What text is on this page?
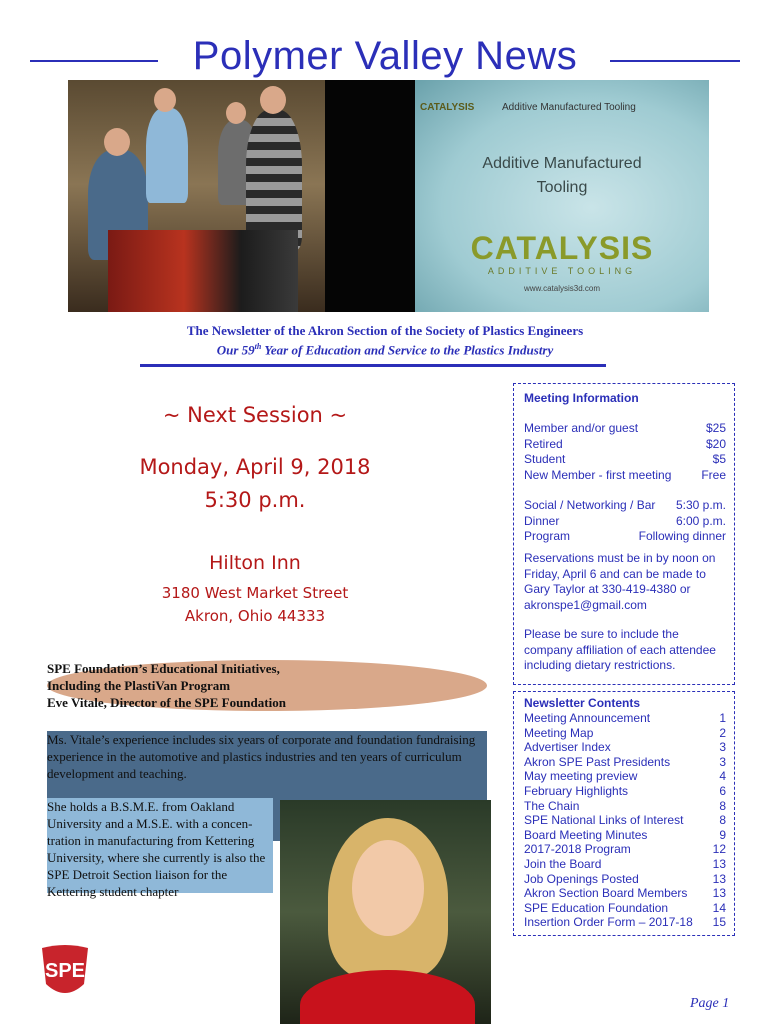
Polymer Valley News
CATALYSIS	Additive Manufactured Tooling
Additive Manufactured
Tooling
CATALYSIS
ADDITIVE TOOLING
www.catalysis3d.com
The Newsletter of the Akron Section of the Society of Plastics Engineers
Our 59th Year of Education and Service to the Plastics Industry
~ Next Session ~
Monday, April 9, 2018
5:30 p.m.
Hilton Inn
3180 West Market Street
Akron, Ohio 44333
SPE Foundation’s Educational Initiatives,
Including the PlastiVan Program
Eve Vitale, Director of the SPE Foundation

Ms. Vitale’s experience includes six years of corporate and foundation fundraising experience in the automotive and plastics industries and ten years of curriculum development and teaching.

She holds a B.S.M.E. from Oakland University and a M.S.E. with a concen-tration in manufacturing from Kettering University, where she currently is also the SPE Detroit Section liaison for the Kettering student chapter

SPE
Meeting Information
Member and/or guest	$25
Retired	$20
Student	$5
New Member - first meeting Free
Social / Networking / Bar 5:30 p.m.
Dinner	6:00 p.m.
Program	Following dinner

Reservations must be in by noon on Friday, April 6 and can be made to Gary Taylor at 330-419-4380 or akronspe1@gmail.com

Please be sure to include the company affiliation of each attendee including dietary restrictions.

Newsletter Contents
Meeting Announcement	1
Meeting Map	2
Advertiser Index	3
Akron SPE Past Presidents	3
May meeting preview	4
February Highlights	6
The Chain	8
SPE National Links of Interest	8
Board Meeting Minutes	9
2017-2018 Program	12
Join the Board	13
Job Openings Posted	13
Akron Section Board Members 13
SPE Education Foundation	14
Insertion Order Form – 2017-18 15
Page 1
